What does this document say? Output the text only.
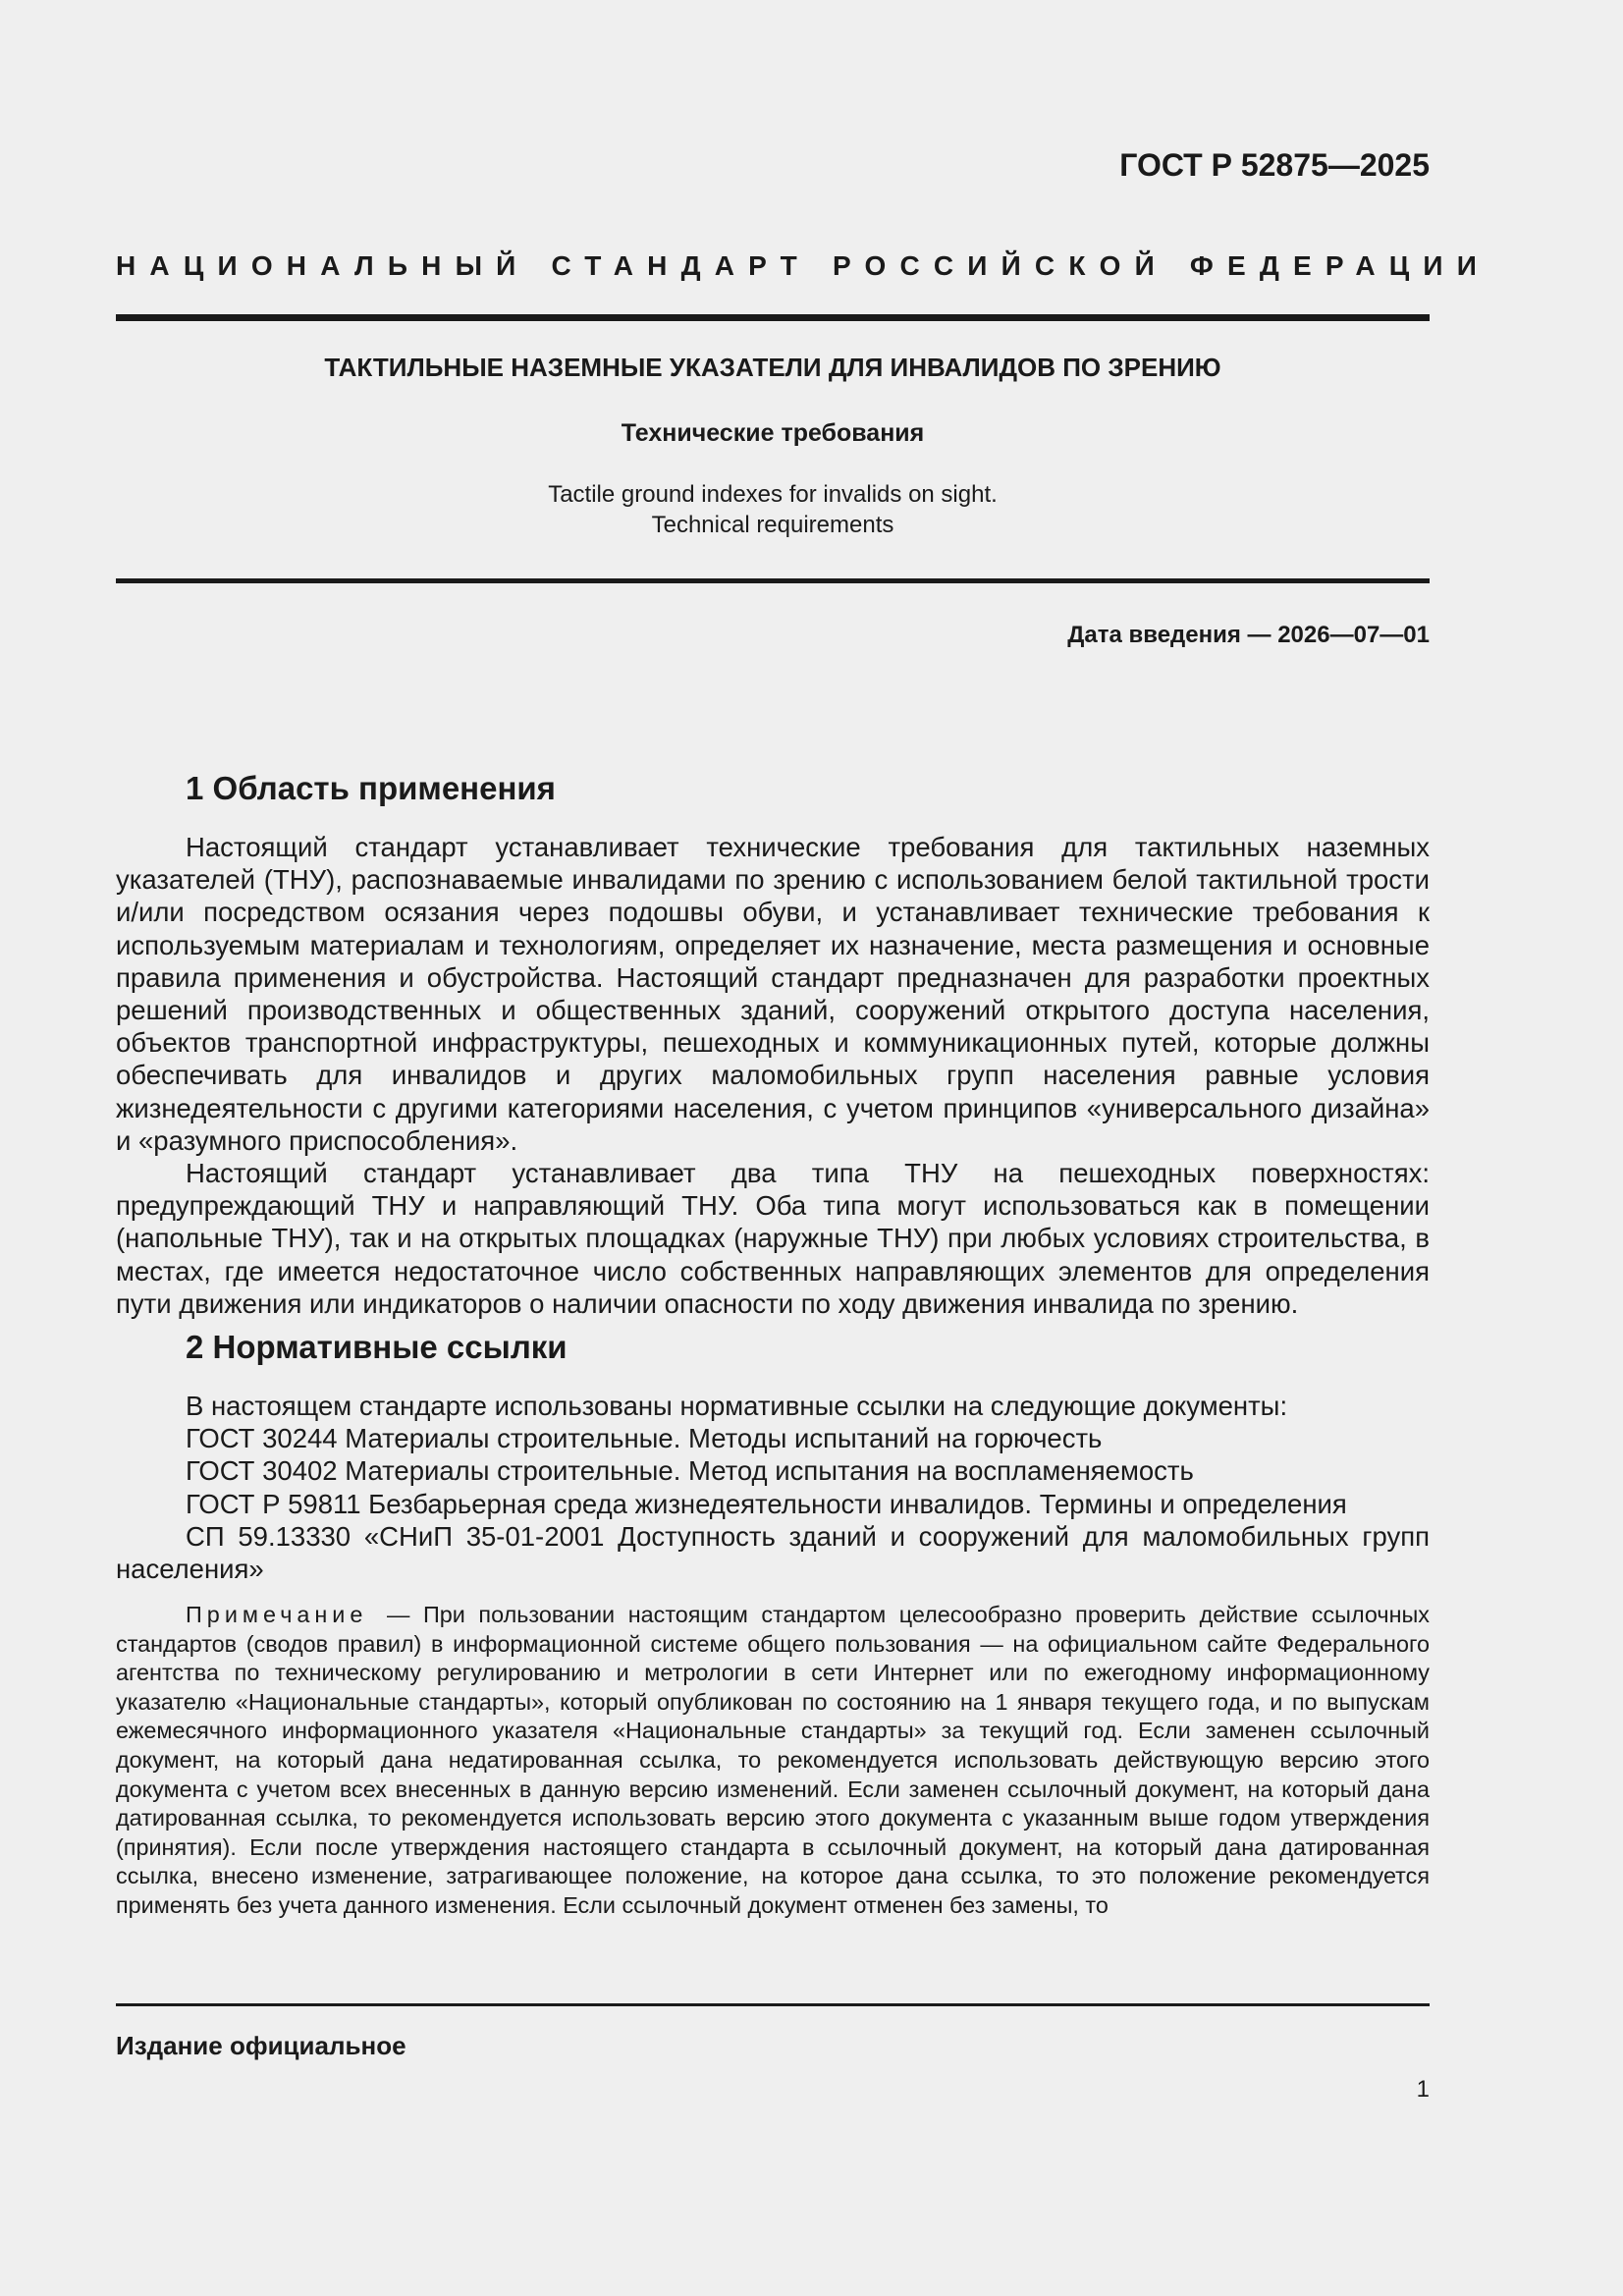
ГОСТ Р 52875—2025
НАЦИОНАЛЬНЫЙ СТАНДАРТ РОССИЙСКОЙ ФЕДЕРАЦИИ
ТАКТИЛЬНЫЕ НАЗЕМНЫЕ УКАЗАТЕЛИ ДЛЯ ИНВАЛИДОВ ПО ЗРЕНИЮ
Технические требования
Tactile ground indexes for invalids on sight.
Technical requirements
Дата введения — 2026—07—01
1 Область применения

Настоящий стандарт устанавливает технические требования для тактильных наземных указателей (ТНУ), распознаваемые инвалидами по зрению с использованием белой тактильной трости и/или посредством осязания через подошвы обуви, и устанавливает технические требования к используемым материалам и технологиям, определяет их назначение, места размещения и основные правила применения и обустройства. Настоящий стандарт предназначен для разработки проектных решений производственных и общественных зданий, сооружений открытого доступа населения, объектов транспортной инфраструктуры, пешеходных и коммуникационных путей, которые должны обеспечивать для инвалидов и других маломобильных групп населения равные условия жизнедеятельности с другими категориями населения, с учетом принципов «универсального дизайна» и «разумного приспособления».

Настоящий стандарт устанавливает два типа ТНУ на пешеходных поверхностях: предупреждающий ТНУ и направляющий ТНУ. Оба типа могут использоваться как в помещении (напольные ТНУ), так и на открытых площадках (наружные ТНУ) при любых условиях строительства, в местах, где имеется недостаточное число собственных направляющих элементов для определения пути движения или индикаторов о наличии опасности по ходу движения инвалида по зрению.

2 Нормативные ссылки

В настоящем стандарте использованы нормативные ссылки на следующие документы:

ГОСТ 30244 Материалы строительные. Методы испытаний на горючесть

ГОСТ 30402 Материалы строительные. Метод испытания на воспламеняемость

ГОСТ Р 59811 Безбарьерная среда жизнедеятельности инвалидов. Термины и определения

СП 59.13330 «СНиП 35-01-2001 Доступность зданий и сооружений для маломобильных групп населения»

Примечание — При пользовании настоящим стандартом целесообразно проверить действие ссылочных стандартов (сводов правил) в информационной системе общего пользования — на официальном сайте Федерального агентства по техническому регулированию и метрологии в сети Интернет или по ежегодному информационному указателю «Национальные стандарты», который опубликован по состоянию на 1 января текущего года, и по выпускам ежемесячного информационного указателя «Национальные стандарты» за текущий год. Если заменен ссылочный документ, на который дана недатированная ссылка, то рекомендуется использовать действующую версию этого документа с учетом всех внесенных в данную версию изменений. Если заменен ссылочный документ, на который дана датированная ссылка, то рекомендуется использовать версию этого документа с указанным выше годом утверждения (принятия). Если после утверждения настоящего стандарта в ссылочный документ, на который дана датированная ссылка, внесено изменение, затрагивающее положение, на которое дана ссылка, то это положение рекомендуется применять без учета данного изменения. Если ссылочный документ отменен без замены, то

Издание официальное
1
